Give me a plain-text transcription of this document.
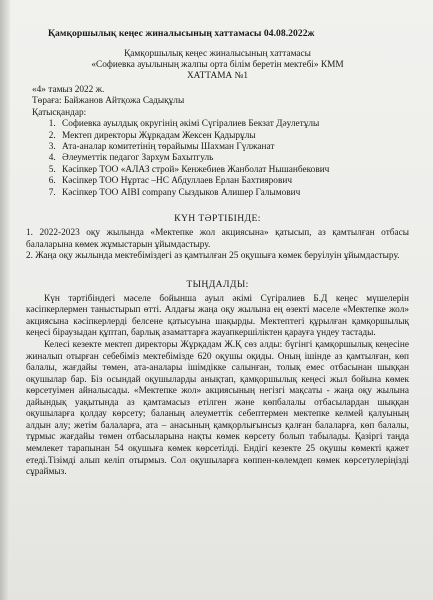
Қамқоршылық кеңес жиналысының хаттамасы 04.08.2022ж
Қамқоршылық кеңес жиналысының хаттамасы
«Софиевка ауылының жалпы орта білім беретін мектебі» КММ
ХАТТАМА №1
«4» тамыз 2022 ж.
Төраға: Байжанов Айтқожа Садықұлы
Қатысқандар:
1. Софиевка ауылдық округінің әкімі Сүгіралиев Бекзат Дәулетұлы
2. Мектеп директоры Жұрқадам Жексен Қадырұлы
3. Ата-аналар комитетінің төрайымы Шахман Гүлжанат
4. Әлеуметтік педагог Зархум Бахытгуль
5. Кәсіпкер ТОО «АЛАЗ строй» Кенжебиев Жанболат Нышанбекович
6. Кәсіпкер ТОО Нұртас –НС Абдуллаев Ерлан Бахтиярович
7. Кәсіпкер ТОО AIBI company Сыздыков Алишер Галымович
КҮН ТӘРТІБІНДЕ:

1. 2022-2023 оқу жылында «Мектепке жол акциясына» қатысып, аз қамтылған отбасы балаларына көмек жұмыстарын ұйымдастыру.

2. Жаңа оқу жылында мектебіміздегі аз қамтылған 25 оқушыға көмек беруілуін ұйымдастыру.

ТЫҢДАЛДЫ:

Күн тәртібіндегі мәселе бойынша ауыл әкімі Сүгіралиев Б.Д кеңес мүшелерін кәсіпкерлермен таныстырып өтті. Алдағы жаңа оқу жылына ең өзекті мәселе «Мектепке жол» акциясына кәсіпкерлерді белсене қатысуына шақырды. Мектептегі құрылған қамқоршылық кеңесі біраузыдан құптап, барлық азаматтарға жауапкершіліктен қарауға үндеу тастады.

Келесі кезекте мектеп директоры Жұрқадам Ж.Қ сөз алды: бүгінгі қамқоршылық кеңесіне жиналып отырған себебіміз мектебімізде 620 оқушы оқиды. Оның ішінде аз қамтылған, көп балалы, жағдайы төмен, ата-аналары ішімдікке салынған, толық емес отбасынан шыққан оқушылар бар. Біз осындай оқушыларды анықтап, қамқоршылық кеңесі жыл бойына көмек көрсетуімен айналысады. «Мектепке жол» акциясының негізгі мақсаты - жаңа оқу жылына дайындық уақытында аз қамтамасыз етілген және көпбалалы отбасылардан шыққан оқушыларға қолдау көрсету; баланың әлеуметтік себептермен мектепке келмей қалуының алдын алу; жетім балаларға, ата – анасының қамқорлығынсыз қалған балаларға, көп балалы, тұрмыс жағдайы төмен отбасыларына нақты көмек көрсету болып табылады. Қазіргі таңда мемлекет тарапынан 54 оқушыға көмек көрсетілді. Ендігі кезекте 25 оқушы көмекті қажет етеді.Тізімді алып келіп отырмыз. Сол оқушыларға көппен-көлемдеп көмек көрсетулеріңізді сұраймыз.
